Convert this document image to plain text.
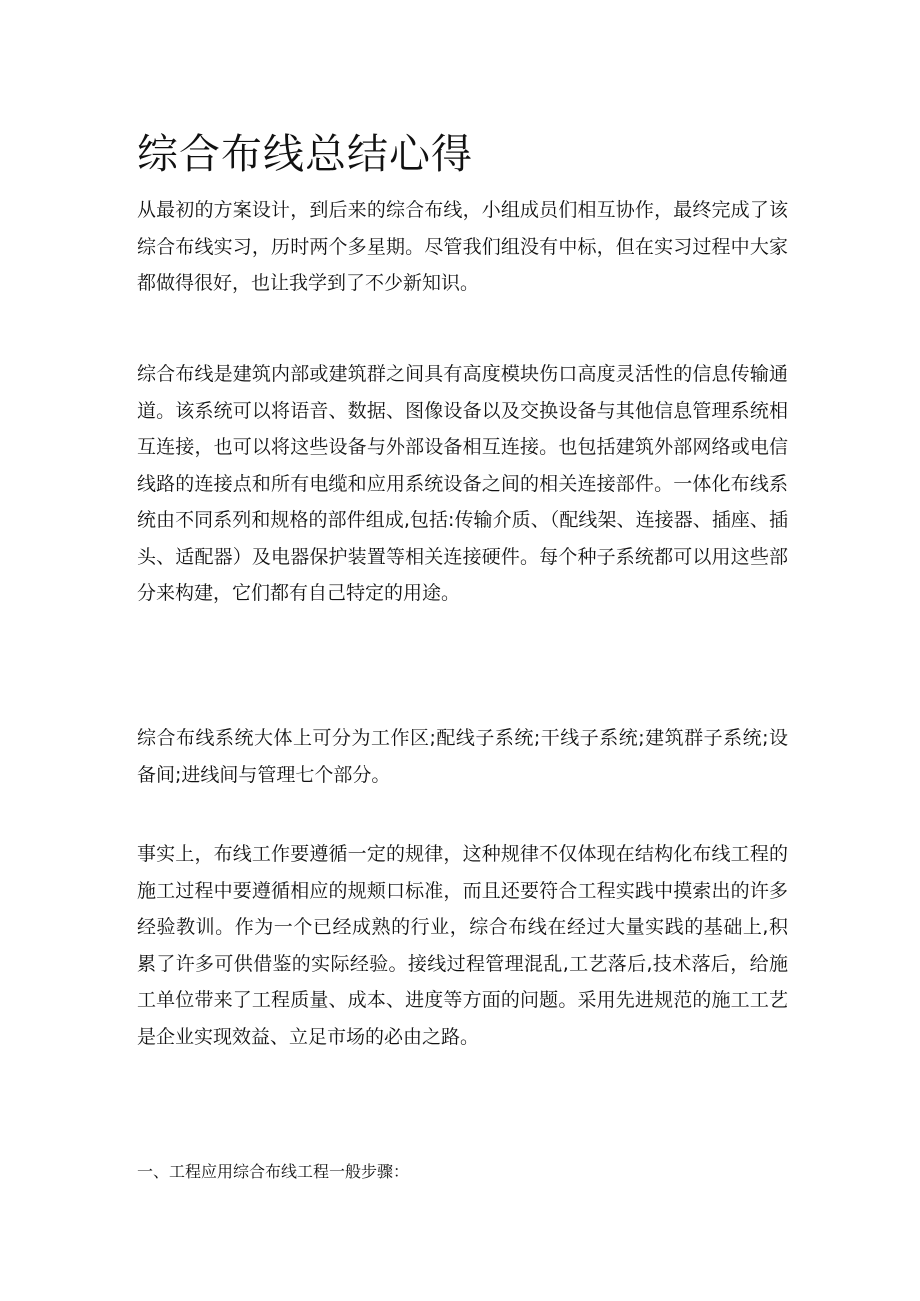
综合布线总结心得

从最初的方案设计，到后来的综合布线，小组成员们相互协作，最终完成了该综合布线实习，历时两个多星期。尽管我们组没有中标，但在实习过程中大家都做得很好，也让我学到了不少新知识。

综合布线是建筑内部或建筑群之间具有高度模块伤口高度灵活性的信息传输通道。该系统可以将语音、数据、图像设备以及交换设备与其他信息管理系统相互连接，也可以将这些设备与外部设备相互连接。也包括建筑外部网络或电信线路的连接点和所有电缆和应用系统设备之间的相关连接部件。一体化布线系统由不同系列和规格的部件组成,包括:传输介质、（配线架、连接器、插座、插头、适配器）及电器保护装置等相关连接硬件。每个种子系统都可以用这些部分来构建，它们都有自己特定的用途。

综合布线系统大体上可分为工作区;配线子系统;干线子系统;建筑群子系统;设备间;进线间与管理七个部分。

事实上，布线工作要遵循一定的规律，这种规律不仅体现在结构化布线工程的施工过程中要遵循相应的规颊口标准，而且还要符合工程实践中摸索出的许多经验教训。作为一个已经成熟的行业，综合布线在经过大量实践的基础上,积累了许多可供借鉴的实际经验。接线过程管理混乱,工艺落后,技术落后，给施工单位带来了工程质量、成本、进度等方面的问题。采用先进规范的施工工艺是企业实现效益、立足市场的必由之路。

一、工程应用综合布线工程一般步骤：
